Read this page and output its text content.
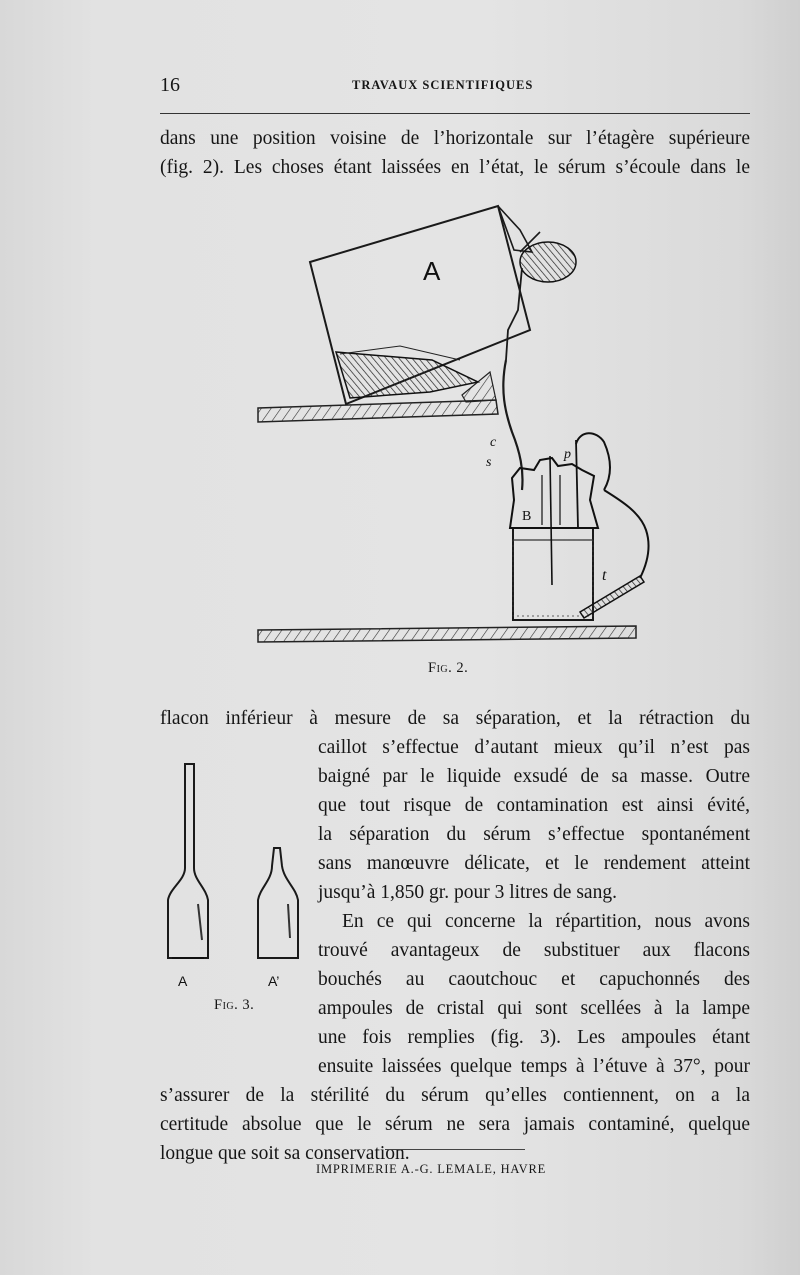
16	TRAVAUX SCIENTIFIQUES
dans une position voisine de l’horizontale sur l’étagère supérieure
(fig. 2). Les choses étant laissées en l’état, le sérum s’écoule dans le
A
B
c
s
p
t
Fig. 2.
flacon inférieur à mesure de sa séparation, et la rétraction du
caillot s’effectue d’autant mieux qu’il n’est pas
baigné par le liquide exsudé de sa masse. Outre
que tout risque de contamination est ainsi évité,
la séparation du sérum s’effectue spontanément
sans manœuvre délicate, et le rendement atteint
jusqu’à 1,850 gr. pour 3 litres de sang.
En ce qui concerne la répartition, nous avons
trouvé avantageux de substituer aux flacons
bouchés au caoutchouc et capuchonnés des
ampoules de cristal qui sont scellées à la lampe
une fois remplies (fig. 3). Les ampoules étant
ensuite laissées quelque temps à l’étuve à 37°, pour
s’assurer de la stérilité du sérum qu’elles contiennent, on a la
certitude absolue que le sérum ne sera jamais contaminé, quelque
longue que soit sa conservation.
A	A’
Fig. 3.
IMPRIMERIE A.-G. LEMALE, HAVRE
